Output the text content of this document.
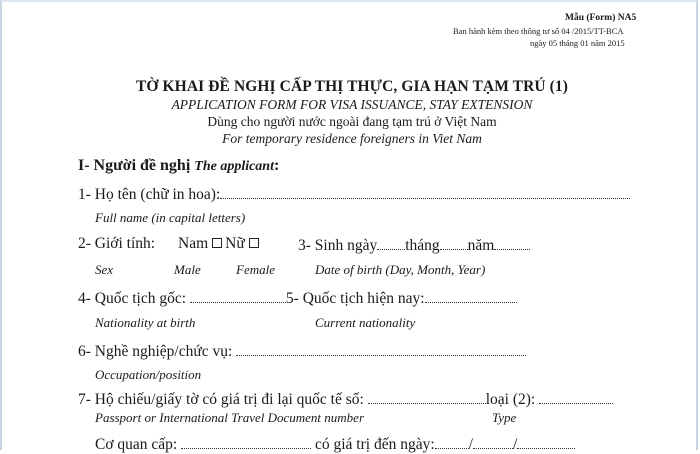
Mẫu (Form) NA5
Ban hành kèm theo thông tư số 04 /2015/TT-BCA
ngày 05 tháng 01 năm 2015
TỜ KHAI ĐỀ NGHỊ CẤP THỊ THỰC, GIA HẠN TẠM TRÚ (1)
APPLICATION FORM FOR VISA ISSUANCE, STAY EXTENSION
Dùng cho người nước ngoài đang tạm trú ở Việt Nam
For temporary residence foreigners in Viet Nam
I- Người đề nghị The applicant:
1- Họ tên (chữ in hoa):
Full name (in capital letters)
2- Giới tính: Nam Nữ
Sex	Male	Female
3- Sinh ngày tháng năm
Date of birth (Day, Month, Year)
4- Quốc tịch gốc:	5- Quốc tịch hiện nay:
Nationality at birth	Current nationality
6- Nghề nghiệp/chức vụ:
Occupation/position
7- Hộ chiếu/giấy tờ có giá trị đi lại quốc tế số:	loại (2):
Passport or International Travel Document number	Type
Cơ quan cấp:	có giá trị đến ngày: /	/
